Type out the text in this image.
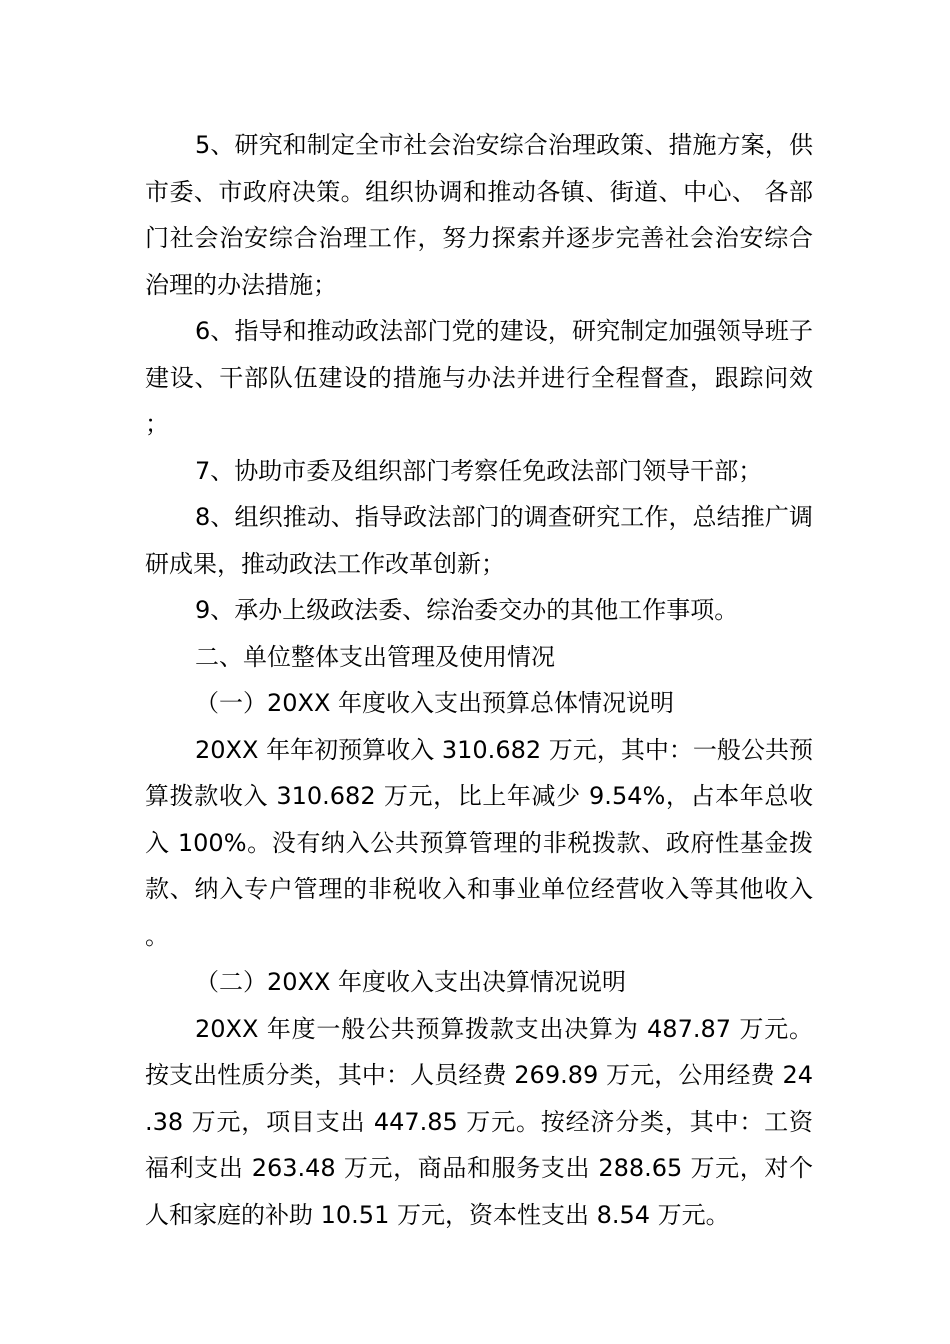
5、研究和制定全市社会治安综合治理政策、措施方案，供市委、市政府决策。组织协调和推动各镇、街道、中心、 各部门社会治安综合治理工作，努力探索并逐步完善社会治安综合治理的办法措施；

6、指导和推动政法部门党的建设，研究制定加强领导班子建设、干部队伍建设的措施与办法并进行全程督查，跟踪问效；

7、协助市委及组织部门考察任免政法部门领导干部；

8、组织推动、指导政法部门的调查研究工作，总结推广调研成果，推动政法工作改革创新；

9、承办上级政法委、综治委交办的其他工作事项。

二、单位整体支出管理及使用情况

（一）20XX 年度收入支出预算总体情况说明

20XX 年年初预算收入 310.682 万元，其中：一般公共预算拨款收入 310.682 万元，比上年减少 9.54%，占本年总收入 100%。没有纳入公共预算管理的非税拨款、政府性基金拨款、纳入专户管理的非税收入和事业单位经营收入等其他收入。

（二）20XX 年度收入支出决算情况说明

20XX 年度一般公共预算拨款支出决算为 487.87 万元。按支出性质分类，其中：人员经费 269.89 万元，公用经费 24.38 万元，项目支出 447.85 万元。按经济分类，其中：工资福利支出 263.48 万元，商品和服务支出 288.65 万元，对个人和家庭的补助 10.51 万元，资本性支出 8.54 万元。
